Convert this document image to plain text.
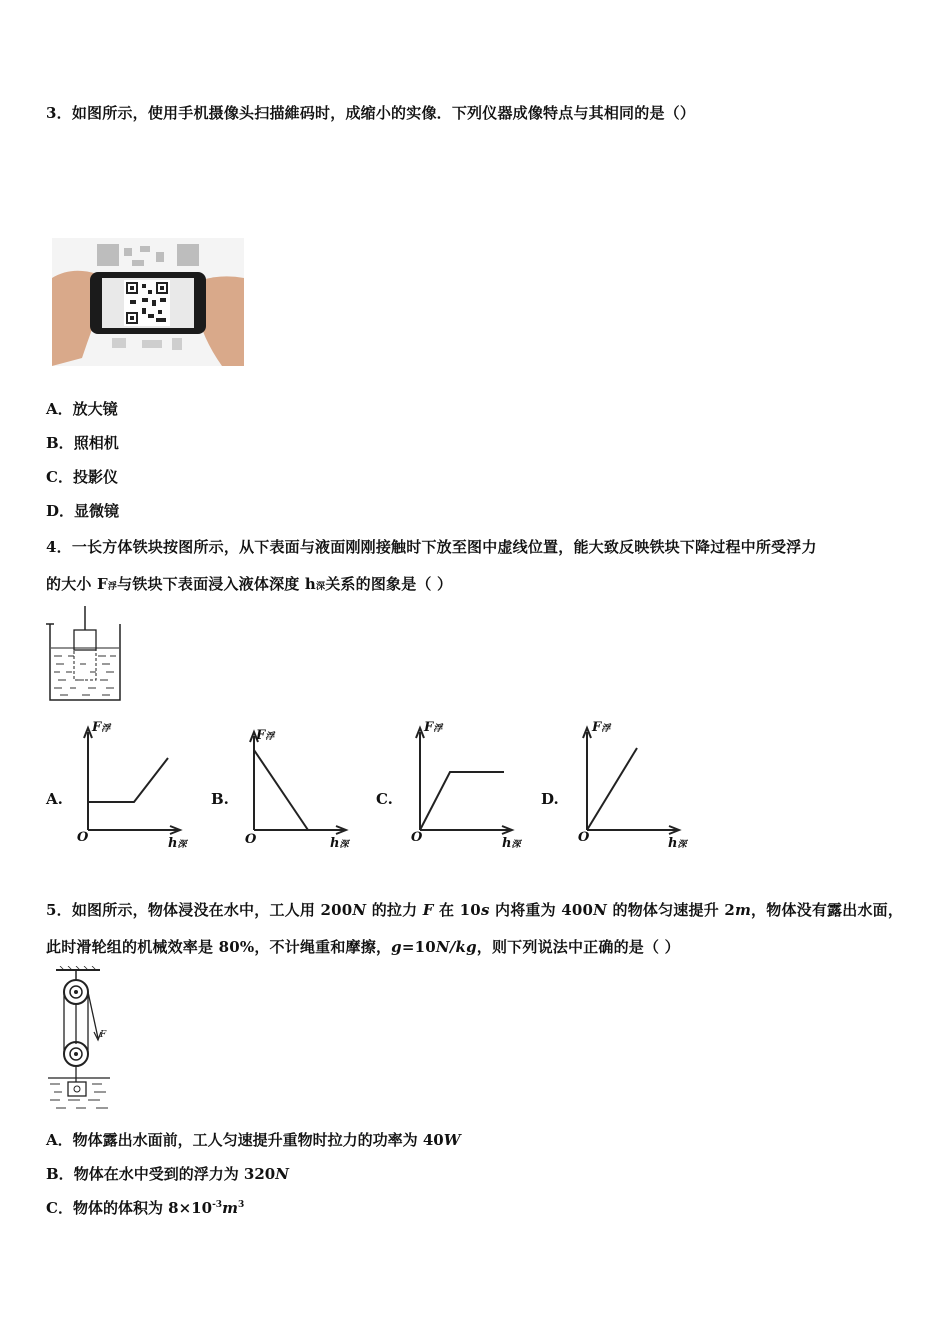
3．如图所示，使用手机摄像头扫描維码时，成缩小的实像．下列仪器成像特点与其相同的是（）
A．放大镜
B．照相机
C．投影仪
D．显微镜
4．一长方体铁块按图所示，从下表面与液面刚刚接触时下放至图中虚线位置，能大致反映铁块下降过程中所受浮力
的大小 F浮与铁块下表面浸入液体深度 h深关系的图象是（ ）
A.	B.	C.	D.
F浮
O	h深
F浮
O	h深
F浮
O	h深
F浮
O	h深
5．如图所示，物体浸没在水中，工人用 200N 的拉力 F 在 10s 内将重为 400N 的物体匀速提升 2m，物体没有露出水面，
此时滑轮组的机械效率是 80%，不计绳重和摩擦，g=10N/kg，则下列说法中正确的是（ ）
F
A．物体露出水面前，工人匀速提升重物时拉力的功率为 40W
B．物体在水中受到的浮力为 320N
C．物体的体积为 $8\times 10^{-3}m^3$
